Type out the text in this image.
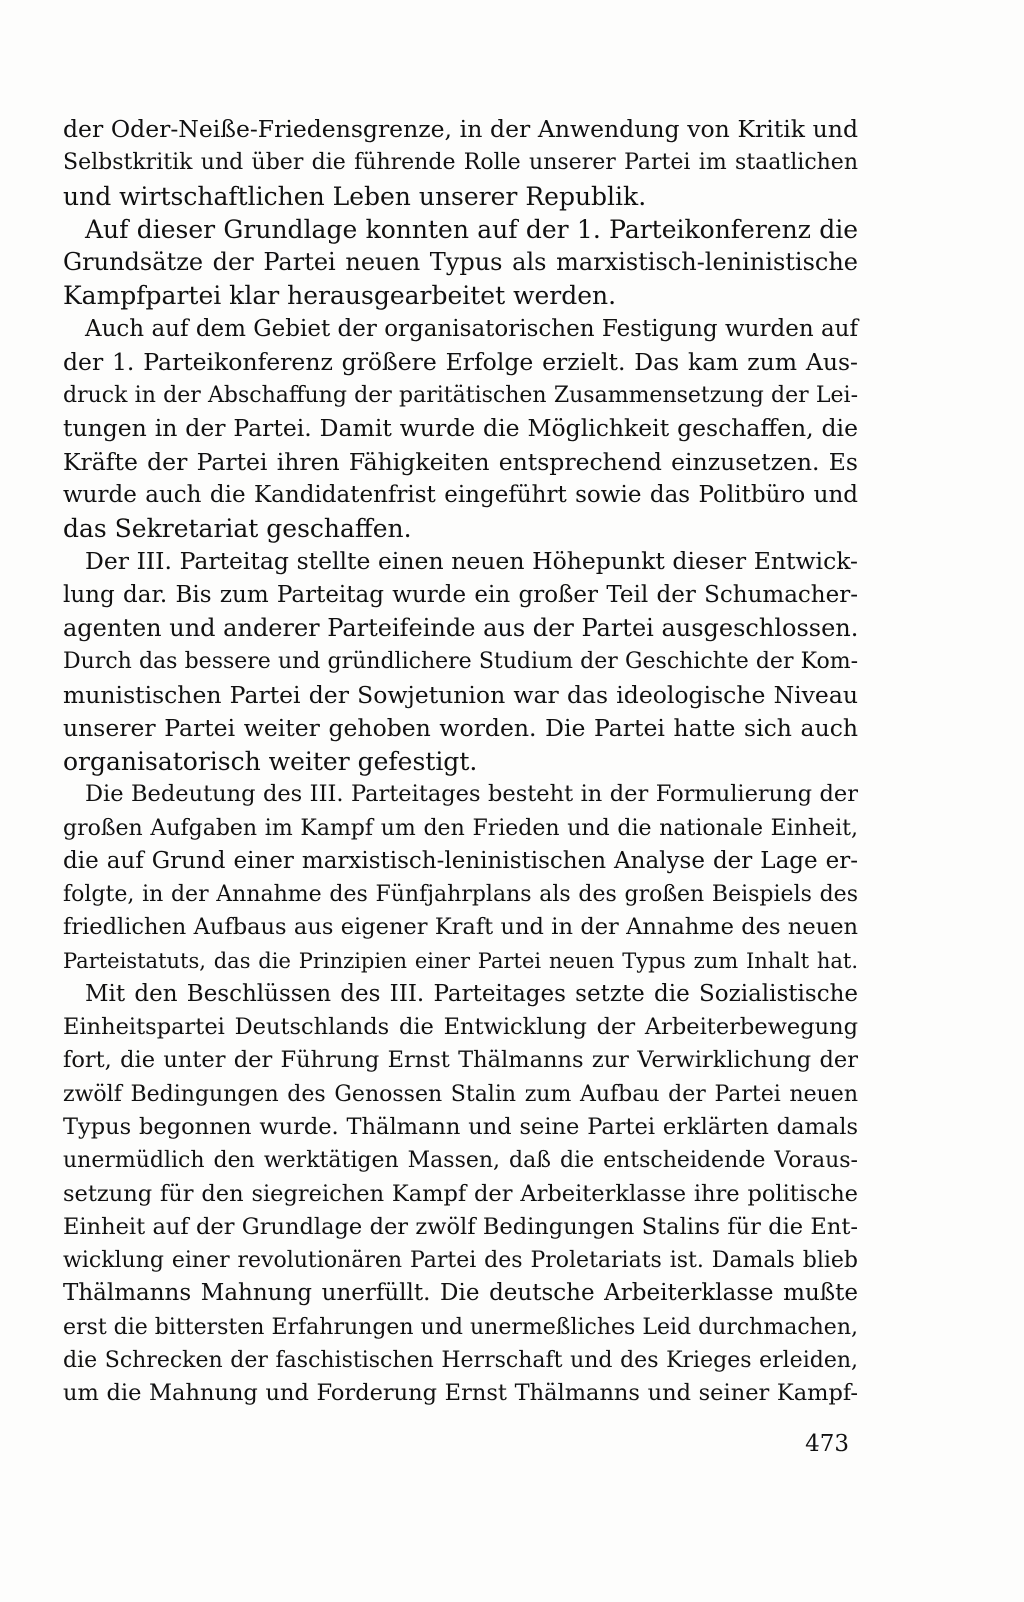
der Oder-Neiße-Friedensgrenze, in der Anwendung von Kritik und
Selbstkritik und über die führende Rolle unserer Partei im staatlichen
und wirtschaftlichen Leben unserer Republik.
Auf dieser Grundlage konnten auf der 1. Parteikonferenz die
Grundsätze der Partei neuen Typus als marxistisch-leninistische
Kampfpartei klar herausgearbeitet werden.
Auch auf dem Gebiet der organisatorischen Festigung wurden auf
der 1. Parteikonferenz größere Erfolge erzielt. Das kam zum Aus-
druck in der Abschaffung der paritätischen Zusammensetzung der Lei-
tungen in der Partei. Damit wurde die Möglichkeit geschaffen, die
Kräfte der Partei ihren Fähigkeiten entsprechend einzusetzen. Es
wurde auch die Kandidatenfrist eingeführt sowie das Politbüro und
das Sekretariat geschaffen.
Der III. Parteitag stellte einen neuen Höhepunkt dieser Entwick-
lung dar. Bis zum Parteitag wurde ein großer Teil der Schumacher-
agenten und anderer Parteifeinde aus der Partei ausgeschlossen.
Durch das bessere und gründlichere Studium der Geschichte der Kom-
munistischen Partei der Sowjetunion war das ideologische Niveau
unserer Partei weiter gehoben worden. Die Partei hatte sich auch
organisatorisch weiter gefestigt.
Die Bedeutung des III. Parteitages besteht in der Formulierung der
großen Aufgaben im Kampf um den Frieden und die nationale Einheit,
die auf Grund einer marxistisch-leninistischen Analyse der Lage er-
folgte, in der Annahme des Fünfjahrplans als des großen Beispiels des
friedlichen Aufbaus aus eigener Kraft und in der Annahme des neuen
Parteistatuts, das die Prinzipien einer Partei neuen Typus zum Inhalt hat.
Mit den Beschlüssen des III. Parteitages setzte die Sozialistische
Einheitspartei Deutschlands die Entwicklung der Arbeiterbewegung
fort, die unter der Führung Ernst Thälmanns zur Verwirklichung der
zwölf Bedingungen des Genossen Stalin zum Aufbau der Partei neuen
Typus begonnen wurde. Thälmann und seine Partei erklärten damals
unermüdlich den werktätigen Massen, daß die entscheidende Voraus-
setzung für den siegreichen Kampf der Arbeiterklasse ihre politische
Einheit auf der Grundlage der zwölf Bedingungen Stalins für die Ent-
wicklung einer revolutionären Partei des Proletariats ist. Damals blieb
Thälmanns Mahnung unerfüllt. Die deutsche Arbeiterklasse mußte
erst die bittersten Erfahrungen und unermeßliches Leid durchmachen,
die Schrecken der faschistischen Herrschaft und des Krieges erleiden,
um die Mahnung und Forderung Ernst Thälmanns und seiner Kampf-
473
